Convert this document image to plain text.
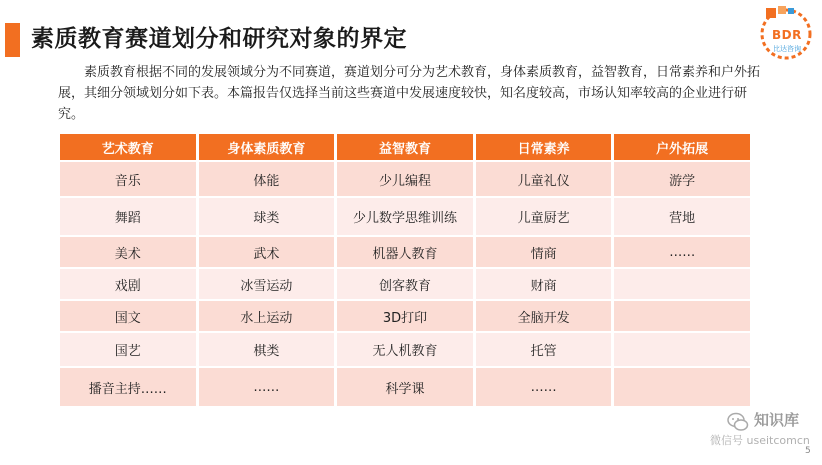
素质教育赛道划分和研究对象的界定	BDR
比达咨询
素质教育根据不同的发展领域分为不同赛道，赛道划分可分为艺术教育，身体素质教育，益智教育，日常素养和户外拓展，其细分领域划分如下表。本篇报告仅选择当前这些赛道中发展速度较快，知名度较高，市场认知率较高的企业进行研究。
艺术教育	身体素质教育	益智教育	日常素养	户外拓展
音乐	体能	少儿编程	儿童礼仪	游学
舞蹈	球类	少儿数学思维训练	儿童厨艺	营地
美术	武术	机器人教育	情商	……
戏剧	冰雪运动	创客教育	财商	
国文	水上运动	3D打印	全脑开发	
国艺	棋类	无人机教育	托管	
播音主持……	……	科学课	……	
知识库
微信号 useitcomcn
5
